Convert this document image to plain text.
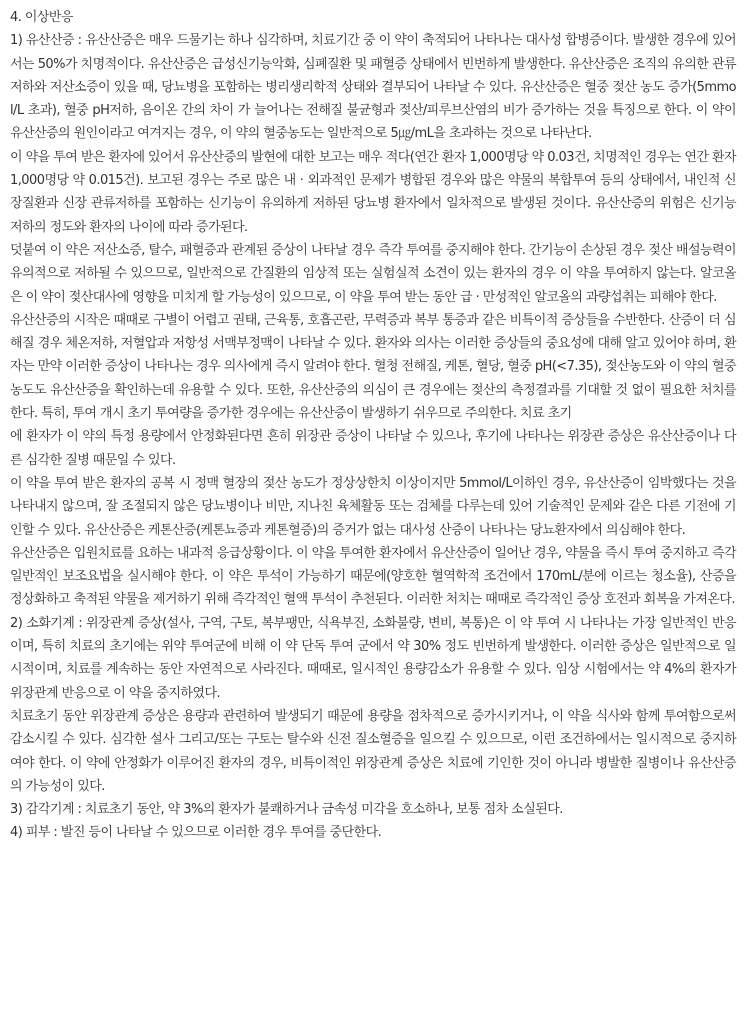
4. 이상반응

1) 유산산증 : 유산산증은 매우 드물기는 하나 심각하며, 치료기간 중 이 약이 축적되어 나타나는 대사성 합병증이다. 발생한 경우에 있어서는 50%가 치명적이다. 유산산증은 급성신기능악화, 심폐질환 및 패혈증 상태에서 빈번하게 발생한다. 유산산증은 조직의 유의한 관류저하와 저산소증이 있을 때, 당뇨병을 포함하는 병리생리학적 상태와 결부되어 나타날 수 있다. 유산산증은 혈중 젖산 농도 증가(5mmol/L 초과), 혈중 pH저하, 음이온 간의 차이 가 늘어나는 전해질 불균형과 젖산/피루브산염의 비가 증가하는 것을 특징으로 한다. 이 약이 유산산증의 원인이라고 여겨지는 경우, 이 약의 혈중농도는 일반적으로 5㎍/mL을 초과하는 것으로 나타난다.

이 약을 투여 받은 환자에 있어서 유산산증의 발현에 대한 보고는 매우 적다(연간 환자 1,000명당 약 0.03건, 치명적인 경우는 연간 환자 1,000명당 약 0.015건). 보고된 경우는 주로 많은 내 · 외과적인 문제가 병합된 경우와 많은 약물의 복합투여 등의 상태에서, 내인적 신장질환과 신장 관류저하를 포함하는 신기능이 유의하게 저하된 당뇨병 환자에서 일차적으로 발생된 것이다. 유산산증의 위험은 신기능 저하의 정도와 환자의 나이에 따라 증가된다.

덧붙여 이 약은 저산소증, 탈수, 패혈증과 관계된 증상이 나타날 경우 즉각 투여를 중지해야 한다. 간기능이 손상된 경우 젖산 배설능력이 유의적으로 저하될 수 있으므로, 일반적으로 간질환의 임상적 또는 실험실적 소견이 있는 환자의 경우 이 약을 투여하지 않는다. 알코올은 이 약이 젖산대사에 영향을 미치게 할 가능성이 있으므로, 이 약을 투여 받는 동안 급 · 만성적인 알코올의 과량섭취는 피해야 한다.

유산산증의 시작은 때때로 구별이 어렵고 권태, 근육통, 호흡곤란, 무력증과 복부 통증과 같은 비특이적 증상들을 수반한다. 산증이 더 심해질 경우 체온저하, 저혈압과 저항성 서맥부정맥이 나타날 수 있다. 환자와 의사는 이러한 증상들의 중요성에 대해 알고 있어야 하며, 환자는 만약 이러한 증상이 나타나는 경우 의사에게 즉시 알려야 한다. 혈청 전해질, 케톤, 혈당, 혈중 pH(<7.35), 젖산농도와 이 약의 혈중 농도도 유산산증을 확인하는데 유용할 수 있다. 또한, 유산산증의 의심이 큰 경우에는 젖산의 측정결과를 기대할 것 없이 필요한 처치를 한다. 특히, 투여 개시 초기 투여량을 증가한 경우에는 유산산증이 발생하기 쉬우므로 주의한다. 치료 초기

에 환자가 이 약의 특정 용량에서 안정화된다면 흔히 위장관 증상이 나타날 수 있으나, 후기에 나타나는 위장관 증상은 유산산증이나 다른 심각한 질병 때문일 수 있다.

이 약을 투여 받은 환자의 공복 시 정맥 혈장의 젖산 농도가 정상상한치 이상이지만 5mmol/L이하인 경우, 유산산증이 임박했다는 것을 나타내지 않으며, 잘 조절되지 않은 당뇨병이나 비만, 지나친 육체활동 또는 검체를 다루는데 있어 기술적인 문제와 같은 다른 기전에 기인할 수 있다. 유산산증은 케톤산증(케톤뇨증과 케톤혈증)의 증거가 없는 대사성 산증이 나타나는 당뇨환자에서 의심해야 한다.

유산산증은 입원치료를 요하는 내과적 응급상황이다. 이 약을 투여한 환자에서 유산산증이 일어난 경우, 약물을 즉시 투여 중지하고 즉각 일반적인 보조요법을 실시해야 한다. 이 약은 투석이 가능하기 때문에(양호한 혈역학적 조건에서 170mL/분에 이르는 청소율), 산증을 정상화하고 축적된 약물을 제거하기 위해 즉각적인 혈액 투석이 추천된다. 이러한 처치는 때때로 즉각적인 증상 호전과 회복을 가져온다.

2) 소화기계 : 위장관계 증상(설사, 구역, 구토, 복부팽만, 식욕부진, 소화불량, 변비, 복통)은 이 약 투여 시 나타나는 가장 일반적인 반응이며, 특히 치료의 초기에는 위약 투여군에 비해 이 약 단독 투여 군에서 약 30% 정도 빈번하게 발생한다. 이러한 증상은 일반적으로 일시적이며, 치료를 계속하는 동안 자연적으로 사라진다. 때때로, 일시적인 용량감소가 유용할 수 있다. 임상 시험에서는 약 4%의 환자가 위장관계 반응으로 이 약을 중지하였다.

치료초기 동안 위장관계 증상은 용량과 관련하여 발생되기 때문에 용량을 점차적으로 증가시키거나, 이 약을 식사와 함께 투여함으로써 감소시킬 수 있다. 심각한 설사 그리고/또는 구토는 탈수와 신전 질소혈증을 일으킬 수 있으므로, 이런 조건하에서는 일시적으로 중지하여야 한다. 이 약에 안정화가 이루어진 환자의 경우, 비특이적인 위장관계 증상은 치료에 기인한 것이 아니라 병발한 질병이나 유산산증의 가능성이 있다.

3) 감각기계 : 치료초기 동안, 약 3%의 환자가 불쾌하거나 금속성 미각을 호소하나, 보통 점차 소실된다.

4) 피부 : 발진 등이 나타날 수 있으므로 이러한 경우 투여를 중단한다.
